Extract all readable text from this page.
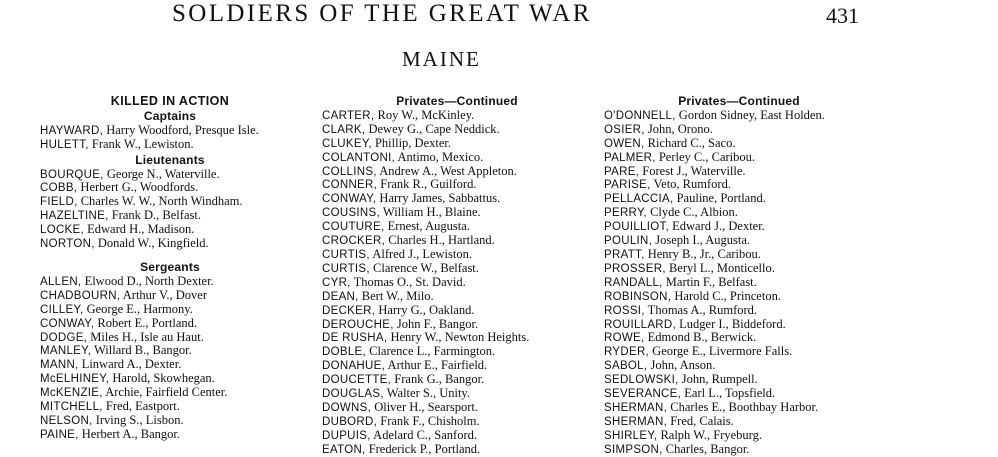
SOLDIERS OF THE GREAT WAR	431
MAINE
KILLED IN ACTION
Captains
HAYWARD, Harry Woodford, Presque Isle.
HULETT, Frank W., Lewiston.
Lieutenants
BOURQUE, George N., Waterville.
COBB, Herbert G., Woodfords.
FIELD, Charles W. W., North Windham.
HAZELTINE, Frank D., Belfast.
LOCKE, Edward H., Madison.
NORTON, Donald W., Kingfield.
Sergeants
ALLEN, Elwood D., North Dexter.
CHADBOURN, Arthur V., Dover
CILLEY, George E., Harmony.
CONWAY, Robert E., Portland.
DODGE, Miles H., Isle au Haut.
MANLEY, Willard B., Bangor.
MANN, Linward A., Dexter.
McELHINEY, Harold, Skowhegan.
McKENZIE, Archie, Fairfield Center.
MITCHELL, Fred, Eastport.
NELSON, Irving S., Lisbon.
PAINE, Herbert A., Bangor.
Privates—Continued
CARTER, Roy W., McKinley.
CLARK, Dewey G., Cape Neddick.
CLUKEY, Phillip, Dexter.
COLANTONI, Antimo, Mexico.
COLLINS, Andrew A., West Appleton.
CONNER, Frank R., Guilford.
CONWAY, Harry James, Sabbattus.
COUSINS, William H., Blaine.
COUTURE, Ernest, Augusta.
CROCKER, Charles H., Hartland.
CURTIS, Alfred J., Lewiston.
CURTIS, Clarence W., Belfast.
CYR, Thomas O., St. David.
DEAN, Bert W., Milo.
DECKER, Harry G., Oakland.
DEROUCHE, John F., Bangor.
DE RUSHA, Henry W., Newton Heights.
DOBLE, Clarence L., Farmington.
DONAHUE, Arthur E., Fairfield.
DOUCETTE, Frank G., Bangor.
DOUGLAS, Walter S., Unity.
DOWNS, Oliver H., Searsport.
DUBORD, Frank F., Chisholm.
DUPUIS, Adelard C., Sanford.
EATON, Frederick P., Portland.
Privates—Continued
O'DONNELL, Gordon Sidney, East Holden.
OSIER, John, Orono.
OWEN, Richard C., Saco.
PALMER, Perley C., Caribou.
PARE, Forest J., Waterville.
PARISE, Veto, Rumford.
PELLACCIA, Pauline, Portland.
PERRY, Clyde C., Albion.
POUILLIOT, Edward J., Dexter.
POULIN, Joseph I., Augusta.
PRATT, Henry B., Jr., Caribou.
PROSSER, Beryl L., Monticello.
RANDALL, Martin F., Belfast.
ROBINSON, Harold C., Princeton.
ROSSI, Thomas A., Rumford.
ROUILLARD, Ludger I., Biddeford.
ROWE, Edmond B., Berwick.
RYDER, George E., Livermore Falls.
SABOL, John, Anson.
SEDLOWSKI, John, Rumpell.
SEVERANCE, Earl L., Topsfield.
SHERMAN, Charles E., Boothbay Harbor.
SHERMAN, Fred, Calais.
SHIRLEY, Ralph W., Fryeburg.
SIMPSON, Charles, Bangor.
